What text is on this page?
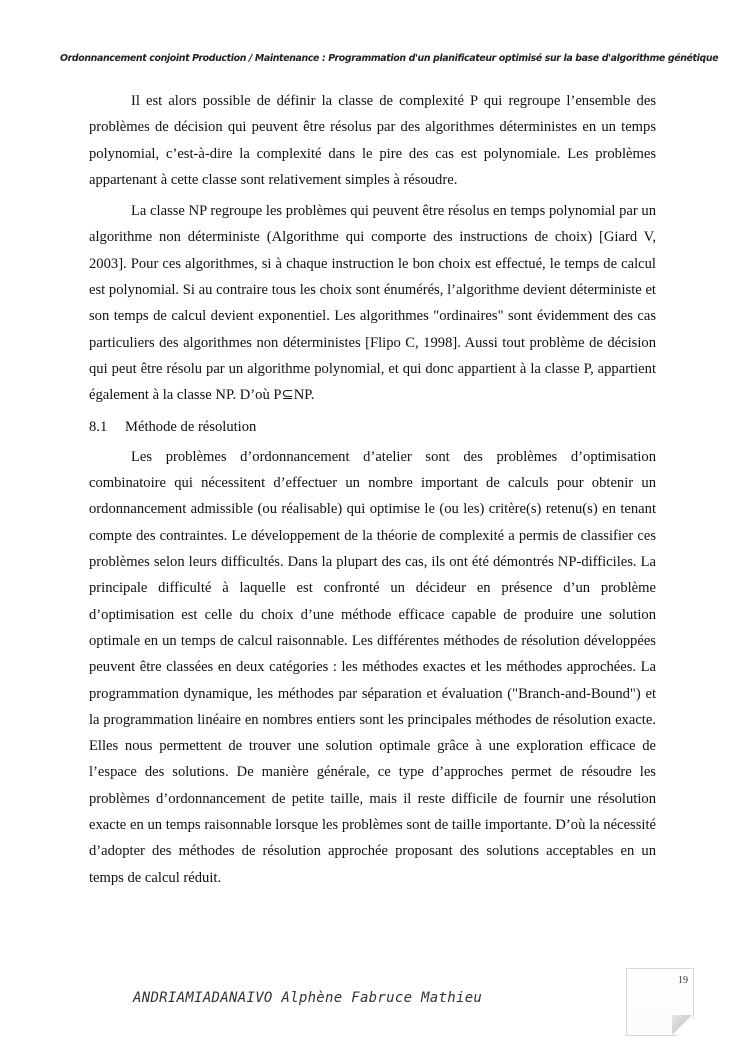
Ordonnancement conjoint Production / Maintenance : Programmation d'un planificateur optimisé sur la base d'algorithme génétique

Il est alors possible de définir la classe de complexité P qui regroupe l’ensemble des problèmes de décision qui peuvent être résolus par des algorithmes déterministes en un temps polynomial, c’est-à-dire la complexité dans le pire des cas est polynomiale. Les problèmes appartenant à cette classe sont relativement simples à résoudre.

La classe NP regroupe les problèmes qui peuvent être résolus en temps polynomial par un algorithme non déterministe (Algorithme qui comporte des instructions de choix) [Giard V, 2003]. Pour ces algorithmes, si à chaque instruction le bon choix est effectué, le temps de calcul est polynomial. Si au contraire tous les choix sont énumérés, l’algorithme devient déterministe et son temps de calcul devient exponentiel. Les algorithmes "ordinaires" sont évidemment des cas particuliers des algorithmes non déterministes [Flipo C, 1998]. Aussi tout problème de décision qui peut être résolu par un algorithme polynomial, et qui donc appartient à la classe P, appartient également à la classe NP. D’où P⊆NP.

8.1 Méthode de résolution

Les problèmes d’ordonnancement d’atelier sont des problèmes d’optimisation combinatoire qui nécessitent d’effectuer un nombre important de calculs pour obtenir un ordonnancement admissible (ou réalisable) qui optimise le (ou les) critère(s) retenu(s) en tenant compte des contraintes. Le développement de la théorie de complexité a permis de classifier ces problèmes selon leurs difficultés. Dans la plupart des cas, ils ont été démontrés NP-difficiles. La principale difficulté à laquelle est confronté un décideur en présence d’un problème d’optimisation est celle du choix d’une méthode efficace capable de produire une solution optimale en un temps de calcul raisonnable. Les différentes méthodes de résolution développées peuvent être classées en deux catégories : les méthodes exactes et les méthodes approchées. La programmation dynamique, les méthodes par séparation et évaluation ("Branch-and-Bound") et la programmation linéaire en nombres entiers sont les principales méthodes de résolution exacte. Elles nous permettent de trouver une solution optimale grâce à une exploration efficace de l’espace des solutions. De manière générale, ce type d’approches permet de résoudre les problèmes d’ordonnancement de petite taille, mais il reste difficile de fournir une résolution exacte en un temps raisonnable lorsque les problèmes sont de taille importante. D’où la nécessité d’adopter des méthodes de résolution approchée proposant des solutions acceptables en un temps de calcul réduit.

ANDRIAMIADANAIVO Alphène Fabruce Mathieu
19
